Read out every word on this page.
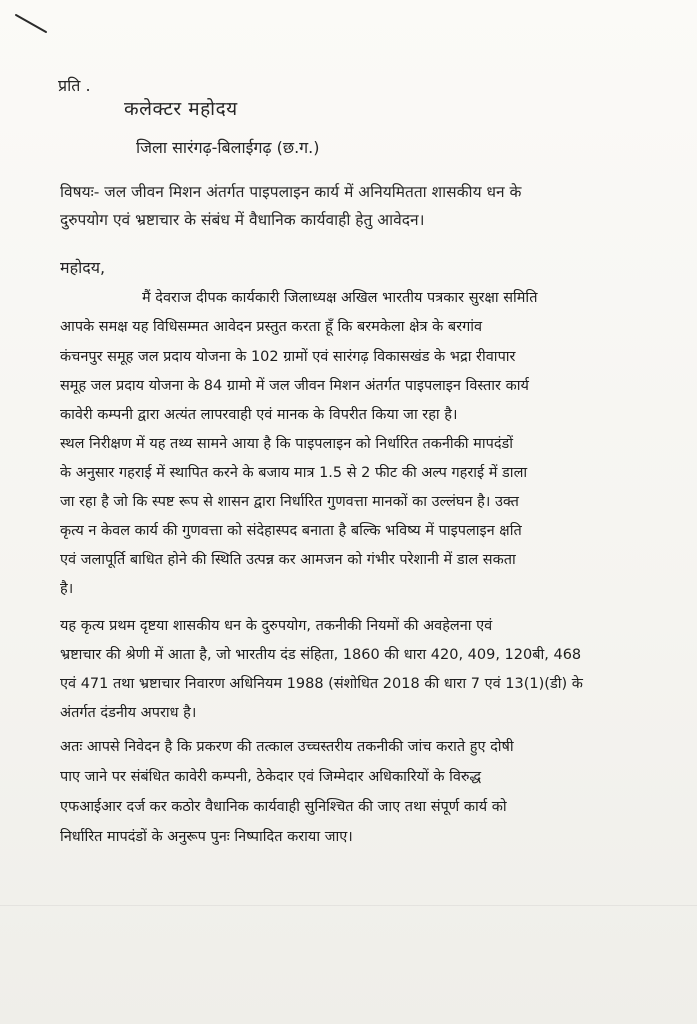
प्रति .
कलेक्टर महोदय
जिला सारंगढ़-बिलाईगढ़ (छ.ग.)
विषयः- जल जीवन मिशन अंतर्गत पाइपलाइन कार्य में अनियमितता शासकीय धन के
दुरुपयोग एवं भ्रष्टाचार के संबंध में वैधानिक कार्यवाही हेतु आवेदन।
महोदय,
मैं देवराज दीपक कार्यकारी जिलाध्यक्ष अखिल भारतीय पत्रकार सुरक्षा समिति
आपके समक्ष यह विधिसम्मत आवेदन प्रस्तुत करता हूँ कि बरमकेला क्षेत्र के बरगांव
कंचनपुर समूह जल प्रदाय योजना के 102 ग्रामों एवं सारंगढ़ विकासखंड के भद्रा रीवापार
समूह जल प्रदाय योजना के 84 ग्रामो में जल जीवन मिशन अंतर्गत पाइपलाइन विस्तार कार्य
कावेरी कम्पनी द्वारा अत्यंत लापरवाही एवं मानक के विपरीत किया जा रहा है।
स्थल निरीक्षण में यह तथ्य सामने आया है कि पाइपलाइन को निर्धारित तकनीकी मापदंडों
के अनुसार गहराई में स्थापित करने के बजाय मात्र 1.5 से 2 फीट की अल्प गहराई में डाला
जा रहा है जो कि स्पष्ट रूप से शासन द्वारा निर्धारित गुणवत्ता मानकों का उल्लंघन है। उक्त
कृत्य न केवल कार्य की गुणवत्ता को संदेहास्पद बनाता है बल्कि भविष्य में पाइपलाइन क्षति
एवं जलापूर्ति बाधित होने की स्थिति उत्पन्न कर आमजन को गंभीर परेशानी में डाल सकता
है।
यह कृत्य प्रथम दृष्टया शासकीय धन के दुरुपयोग, तकनीकी नियमों की अवहेलना एवं
भ्रष्टाचार की श्रेणी में आता है, जो भारतीय दंड संहिता, 1860 की धारा 420, 409, 120बी, 468
एवं 471 तथा भ्रष्टाचार निवारण अधिनियम 1988 (संशोधित 2018 की धारा 7 एवं 13(1)(डी) के
अंतर्गत दंडनीय अपराध है।
अतः आपसे निवेदन है कि प्रकरण की तत्काल उच्चस्तरीय तकनीकी जांच कराते हुए दोषी
पाए जाने पर संबंधित कावेरी कम्पनी, ठेकेदार एवं जिम्मेदार अधिकारियों के विरुद्ध
एफआईआर दर्ज कर कठोर वैधानिक कार्यवाही सुनिश्चित की जाए तथा संपूर्ण कार्य को
निर्धारित मापदंडों के अनुरूप पुनः निष्पादित कराया जाए।
